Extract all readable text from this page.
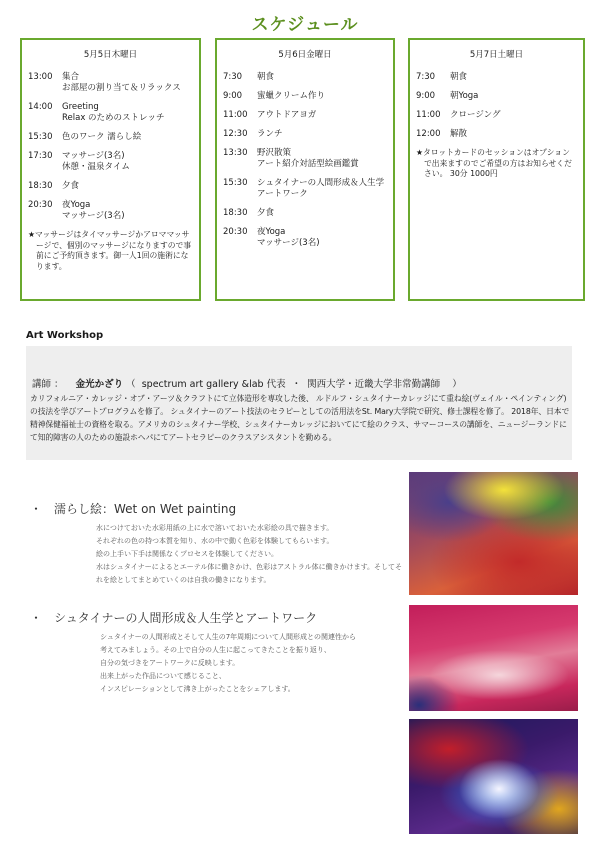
スケジュール
5月5日木曜日
13:00	集合
お部屋の割り当て＆リラックス
14:00	Greeting
Relax のためのストレッチ
15:30	色のワーク 濡らし絵
17:30	マッサージ(3名)
休憩・温泉タイム
18:30	夕食
20:30	夜Yoga
マッサージ(3名)
★マッサージはタイマッサージかアロママッサージで、個別のマッサージになりますので事前にご予約頂きます。御一人1回の施術になります。
5月6日金曜日
7:30	朝食
9:00	蜜蠟クリーム作り
11:00	アウトドアヨガ
12:30	ランチ
13:30	野沢散策
アート紹介対話型絵画鑑賞
15:30	シュタイナーの人間形成＆人生学
アートワーク
18:30	夕食
20:30	夜Yoga
マッサージ(3名)
5月7日土曜日
7:30	朝食
9:00	朝Yoga
11:00	クロージング
12:00	解散
★タロットカードのセッションはオプションで出来ますのでご希望の方はお知らせください。 30分 1000円
Art Workshop
講師 ： 金光かざり （  spectrum art gallery &lab 代表  ・  関西大学・近畿大学非常勤講師    ）
カリフォルニア・カレッジ・オブ・アーツ＆クラフトにて立体造形を専攻した後、 ルドルフ・シュタイナーカレッジにて重ね絵(ヴェイル・ペインティング)の技法を学びアートプログラムを修了。 シュタイナーのアート技法のセラピーとしての活用法をSt. Mary大学院で研究、修士課程を修了。 2018年、日本で精神保健福祉士の資格を取る。アメリカのシュタイナー学校、シュタイナーカレッジにおいてにて絵のクラス、サマーコースの講師を、ニュージーランドにて知的障害の人のための施設ホヘパにてアートセラピーのクラスアシスタントを勤める。
・ 濡らし絵：Wet on Wet painting
水につけておいた水彩用紙の上に水で溶いておいた水彩絵の具で描きます。
それぞれの色の持つ本質を知り、水の中で動く色彩を体験してもらいます。
絵の上手い下手は関係なくプロセスを体験してください。
水はシュタイナーによるとエーテル体に働きかけ、色彩はアストラル体に働きかけます。そしてそれを絵としてまとめていくのは自我の働きになります。
・ シュタイナーの人間形成＆人生学とアートワーク
シュタイナーの人間形成とそして人生の7年周期について人間形成との関連性から
考えてみましょう。その上で自分の人生に起こってきたことを振り返り、
自分の気づきをアートワークに反映します。
出来上がった作品について感じること、
インスピレーションとして沸き上がったことをシェアします。
